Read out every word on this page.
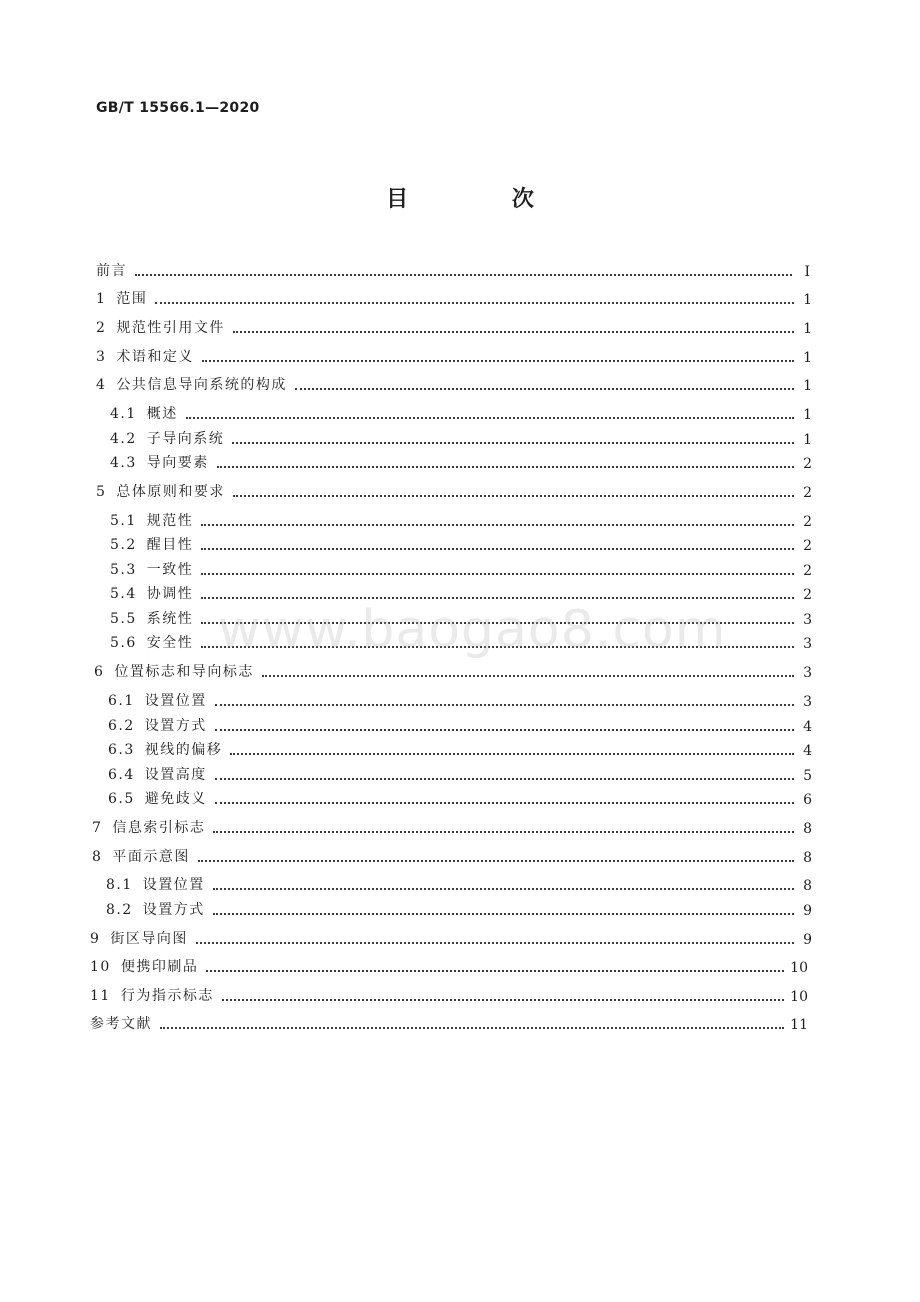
GB/T 15566.1—2020
目 次
前言	I
1 范围	1
2 规范性引用文件	1
3 术语和定义	1
4 公共信息导向系统的构成	1
4.1 概述	1
4.2 子导向系统	1
4.3 导向要素	2
5 总体原则和要求	2
5.1 规范性	2
5.2 醒目性	2
5.3 一致性	2
5.4 协调性	2
5.5 系统性	3
5.6 安全性	3
6 位置标志和导向标志	3
6.1 设置位置	3
6.2 设置方式	4
6.3 视线的偏移	4
6.4 设置高度	5
6.5 避免歧义	6
7 信息索引标志	8
8 平面示意图	8
8.1 设置位置	8
8.2 设置方式	9
9 街区导向图	9
10 便携印刷品	10
11 行为指示标志	10
参考文献	11
www.baogao8.com
